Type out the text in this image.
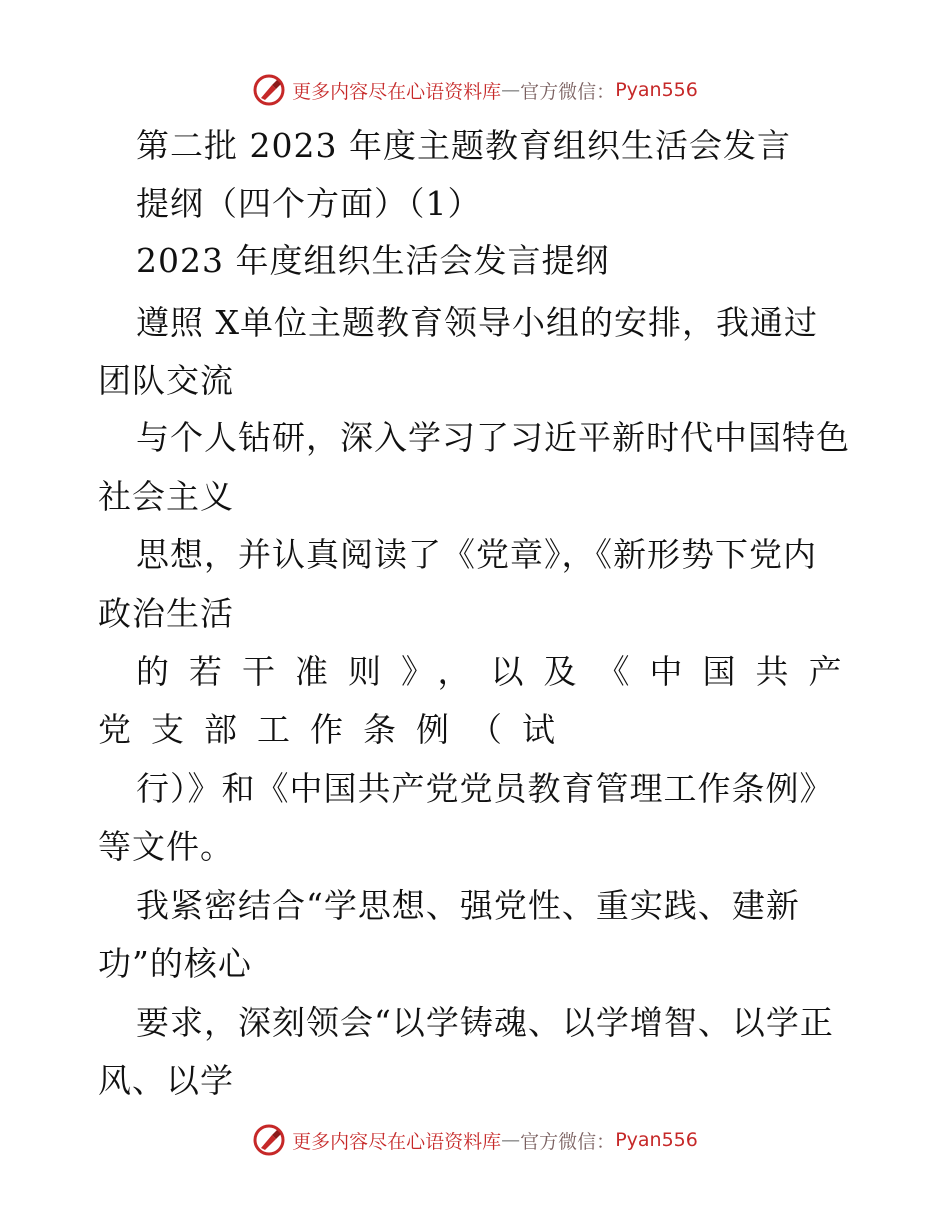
更多内容尽在心语资料库 — 官方微信： Pyan556
第二批 2023 年度主题教育组织生活会发言
提纲（四个方面）（1）
2023 年度组织生活会发言提纲
遵照 X单位主题教育领导小组的安排，我通过
团队交流
与个人钻研，深入学习了习近平新时代中国特色
社会主义
思想，并认真阅读了《党章》，《新形势下党内
政治生活
的若干准则》，以及《中国共产
党支部工作条例（试
行）》和《中国共产党党员教育管理工作条例》
等文件。
我紧密结合“学思想、强党性、重实践、建新
功”的核心
要求，深刻领会“以学铸魂、以学增智、以学正
风、以学
更多内容尽在心语资料库 — 官方微信： Pyan556
